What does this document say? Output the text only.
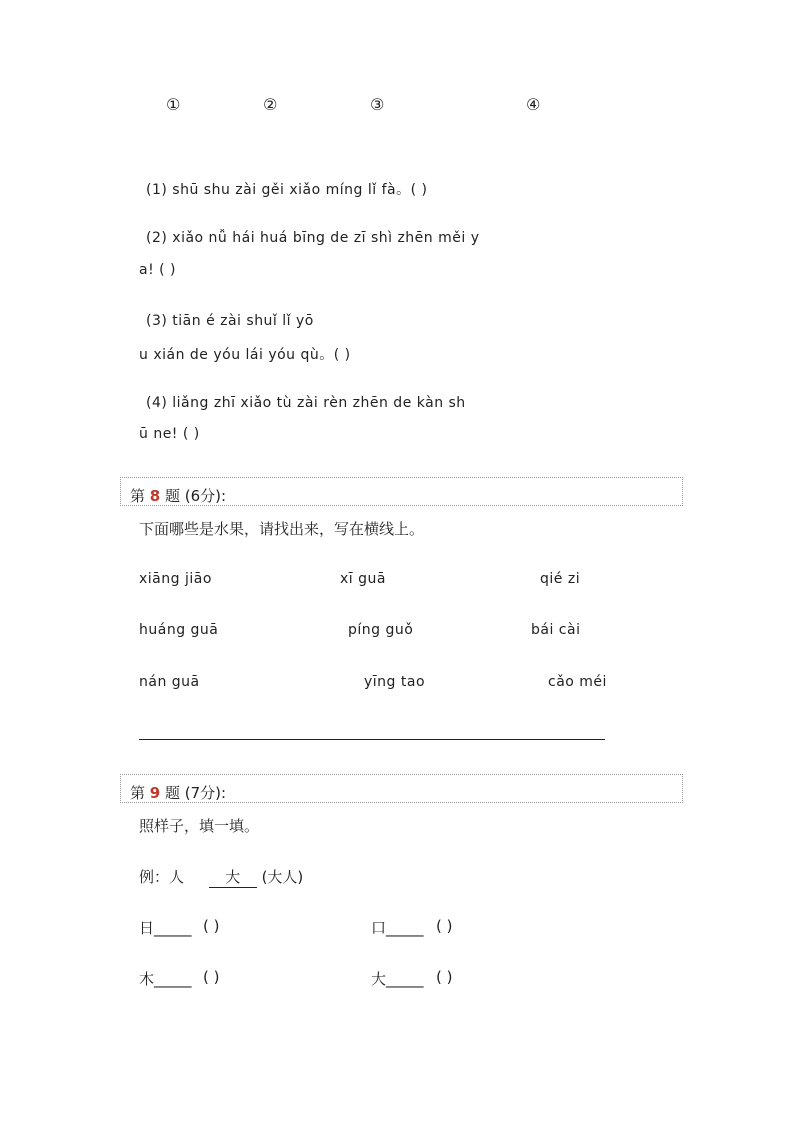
①	②	③	④
(1) shū shu zài gěi xiǎo míng lǐ fà。( )
(2) xiǎo nǚ hái huá bīng de zī shì zhēn měi y
a! ( )
(3) tiān é zài shuǐ lǐ yō
u xián de yóu lái yóu qù。( )
(4) liǎng zhī xiǎo tù zài rèn zhēn de kàn sh
ū ne! ( )
第 8 题 (6分):
下面哪些是水果，请找出来，写在横线上。
xiāng jiāo	xī guā	qié zi
huáng guā	píng guǒ	bái cài
nán guā	yīng tao	cǎo méi
第 9 题 (7分):
照样子，填一填。
例：人	大 (大人)
日_____ ( )	口_____ ( )
木_____ ( )	大_____ ( )
